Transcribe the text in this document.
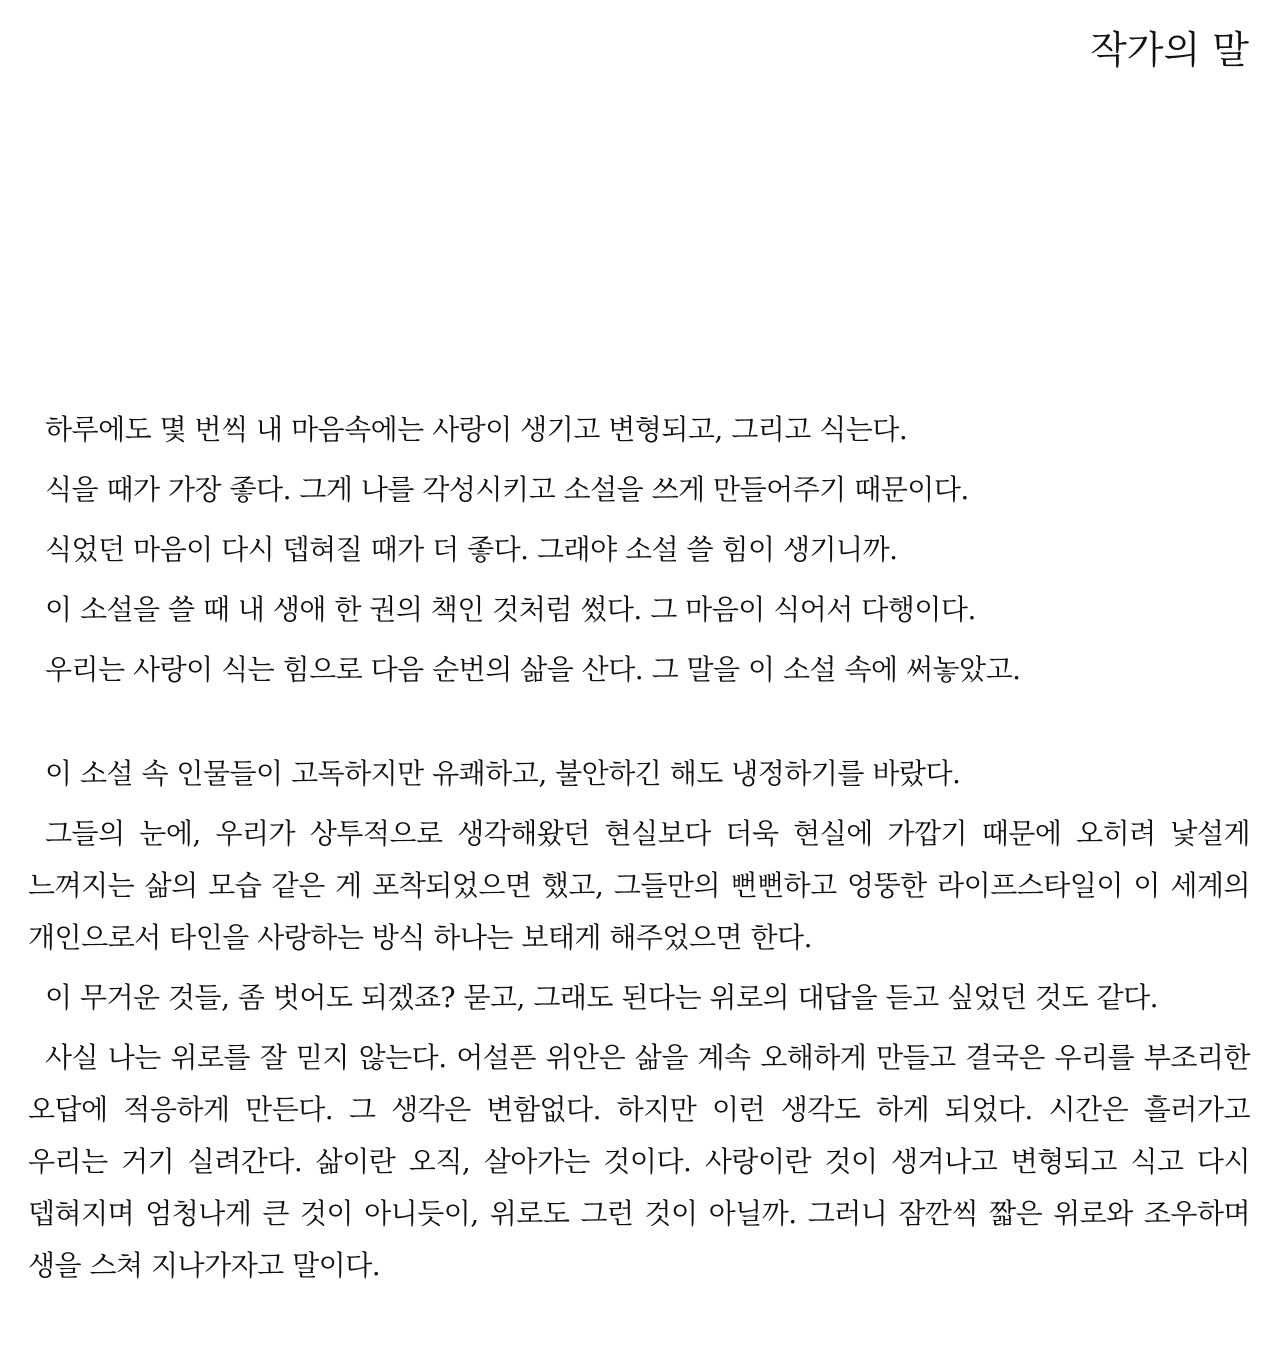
작가의 말

하루에도 몇 번씩 내 마음속에는 사랑이 생기고 변형되고, 그리고 식는다.

식을 때가 가장 좋다. 그게 나를 각성시키고 소설을 쓰게 만들어주기 때문이다.

식었던 마음이 다시 뎁혀질 때가 더 좋다. 그래야 소설 쓸 힘이 생기니까.

이 소설을 쓸 때 내 생애 한 권의 책인 것처럼 썼다. 그 마음이 식어서 다행이다.

우리는 사랑이 식는 힘으로 다음 순번의 삶을 산다. 그 말을 이 소설 속에 써놓았고.

이 소설 속 인물들이 고독하지만 유쾌하고, 불안하긴 해도 냉정하기를 바랐다.

그들의 눈에, 우리가 상투적으로 생각해왔던 현실보다 더욱 현실에 가깝기 때문에 오히려 낯설게 느껴지는 삶의 모습 같은 게 포착되었으면 했고, 그들만의 뻔뻔하고 엉뚱한 라이프스타일이 이 세계의 개인으로서 타인을 사랑하는 방식 하나는 보태게 해주었으면 한다.

이 무거운 것들, 좀 벗어도 되겠죠? 묻고, 그래도 된다는 위로의 대답을 듣고 싶었던 것도 같다.

사실 나는 위로를 잘 믿지 않는다. 어설픈 위안은 삶을 계속 오해하게 만들고 결국은 우리를 부조리한 오답에 적응하게 만든다. 그 생각은 변함없다. 하지만 이런 생각도 하게 되었다. 시간은 흘러가고 우리는 거기 실려간다. 삶이란 오직, 살아가는 것이다. 사랑이란 것이 생겨나고 변형되고 식고 다시 뎁혀지며 엄청나게 큰 것이 아니듯이, 위로도 그런 것이 아닐까. 그러니 잠깐씩 짧은 위로와 조우하며 생을 스쳐 지나가자고 말이다.
